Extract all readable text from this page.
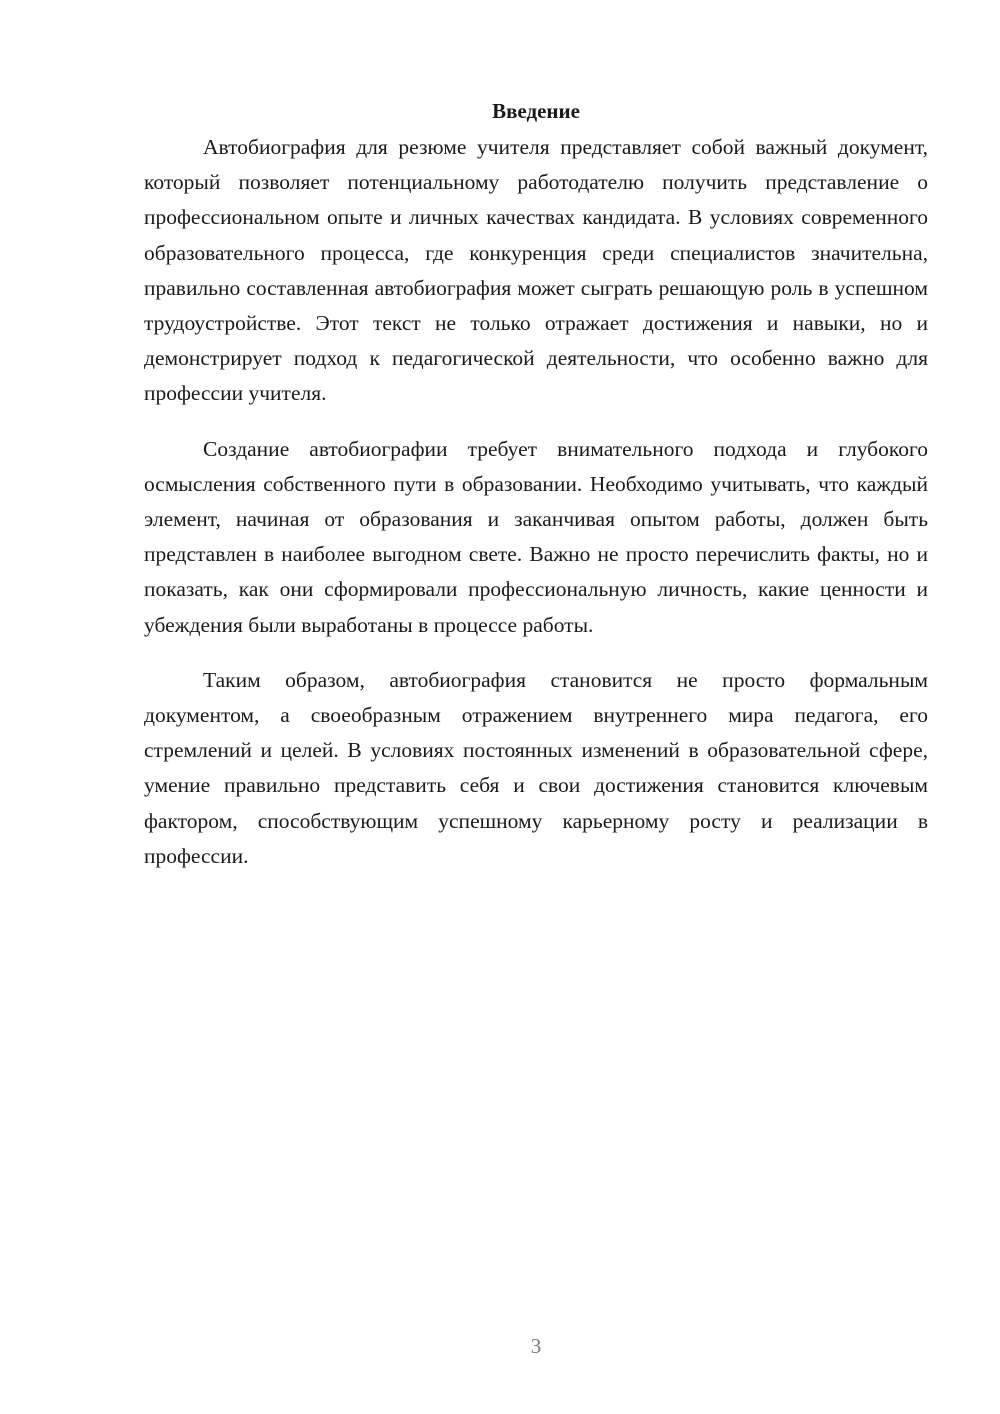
Введение

Автобиография для резюме учителя представляет собой важный документ, который позволяет потенциальному работодателю получить представление о профессиональном опыте и личных качествах кандидата. В условиях современного образовательного процесса, где конкуренция среди специалистов значительна, правильно составленная автобиография может сыграть решающую роль в успешном трудоустройстве. Этот текст не только отражает достижения и навыки, но и демонстрирует подход к педагогической деятельности, что особенно важно для профессии учителя.

Создание автобиографии требует внимательного подхода и глубокого осмысления собственного пути в образовании. Необходимо учитывать, что каждый элемент, начиная от образования и заканчивая опытом работы, должен быть представлен в наиболее выгодном свете. Важно не просто перечислить факты, но и показать, как они сформировали профессиональную личность, какие ценности и убеждения были выработаны в процессе работы.

Таким образом, автобиография становится не просто формальным документом, а своеобразным отражением внутреннего мира педагога, его стремлений и целей. В условиях постоянных изменений в образовательной сфере, умение правильно представить себя и свои достижения становится ключевым фактором, способствующим успешному карьерному росту и реализации в профессии.

3
